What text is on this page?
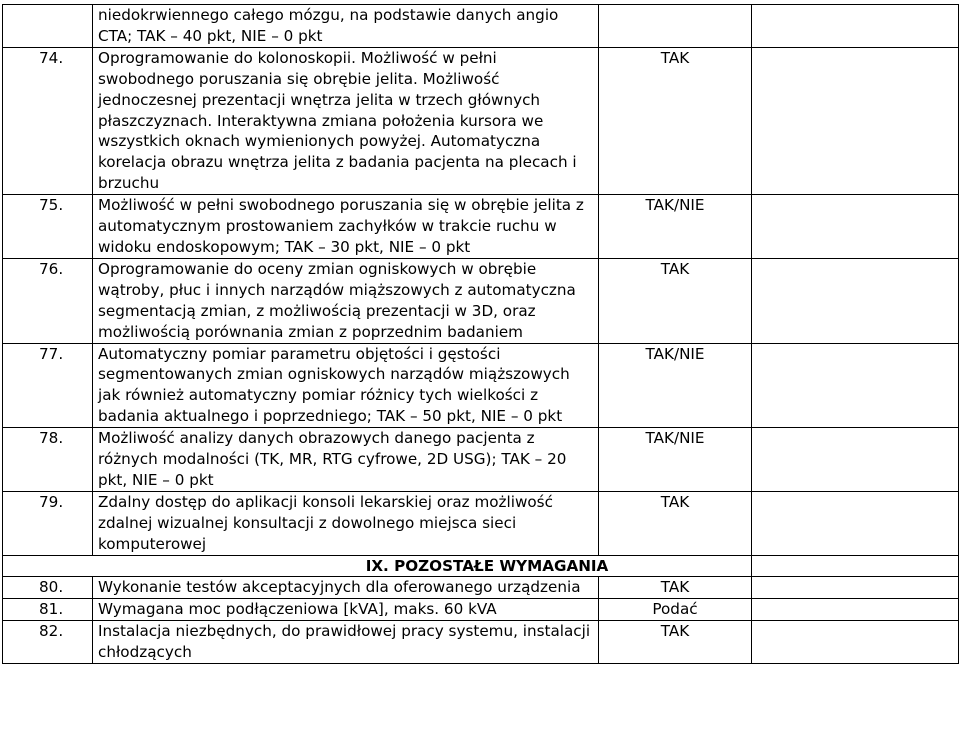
	niedokrwiennego całego mózgu, na podstawie danych angio CTA; TAK – 40 pkt, NIE – 0 pkt		
74.	Oprogramowanie do kolonoskopii. Możliwość w pełni swobodnego poruszania się obrębie jelita. Możliwość jednoczesnej prezentacji wnętrza jelita w trzech głównych płaszczyznach. Interaktywna zmiana położenia kursora we wszystkich oknach wymienionych powyżej. Automatyczna korelacja obrazu wnętrza jelita z badania pacjenta na plecach i brzuchu	TAK	
75.	Możliwość w pełni swobodnego poruszania się w obrębie jelita z automatycznym prostowaniem zachyłków w trakcie ruchu w widoku endoskopowym; TAK – 30 pkt, NIE – 0 pkt	TAK/NIE	
76.	Oprogramowanie do oceny zmian ogniskowych w obrębie wątroby, płuc i innych narządów miąższowych z automatyczna segmentacją zmian, z możliwością prezentacji w 3D, oraz możliwością porównania zmian z poprzednim badaniem	TAK	
77.	Automatyczny pomiar parametru objętości i gęstości segmentowanych zmian ogniskowych narządów miąższowych jak również automatyczny pomiar różnicy tych wielkości z badania aktualnego i poprzedniego; TAK – 50 pkt, NIE – 0 pkt	TAK/NIE	
78.	Możliwość analizy danych obrazowych danego pacjenta z różnych modalności (TK, MR, RTG cyfrowe, 2D USG); TAK – 20 pkt, NIE – 0 pkt	TAK/NIE	
79.	Zdalny dostęp do aplikacji konsoli lekarskiej oraz możliwość zdalnej wizualnej konsultacji z dowolnego miejsca sieci komputerowej	TAK	
IX. POZOSTAŁE WYMAGANIA			
80.	Wykonanie testów akceptacyjnych dla oferowanego urządzenia	TAK	
81.	Wymagana moc podłączeniowa [kVA], maks. 60 kVA	Podać	
82.	Instalacja niezbędnych, do prawidłowej pracy systemu, instalacji chłodzących	TAK	
